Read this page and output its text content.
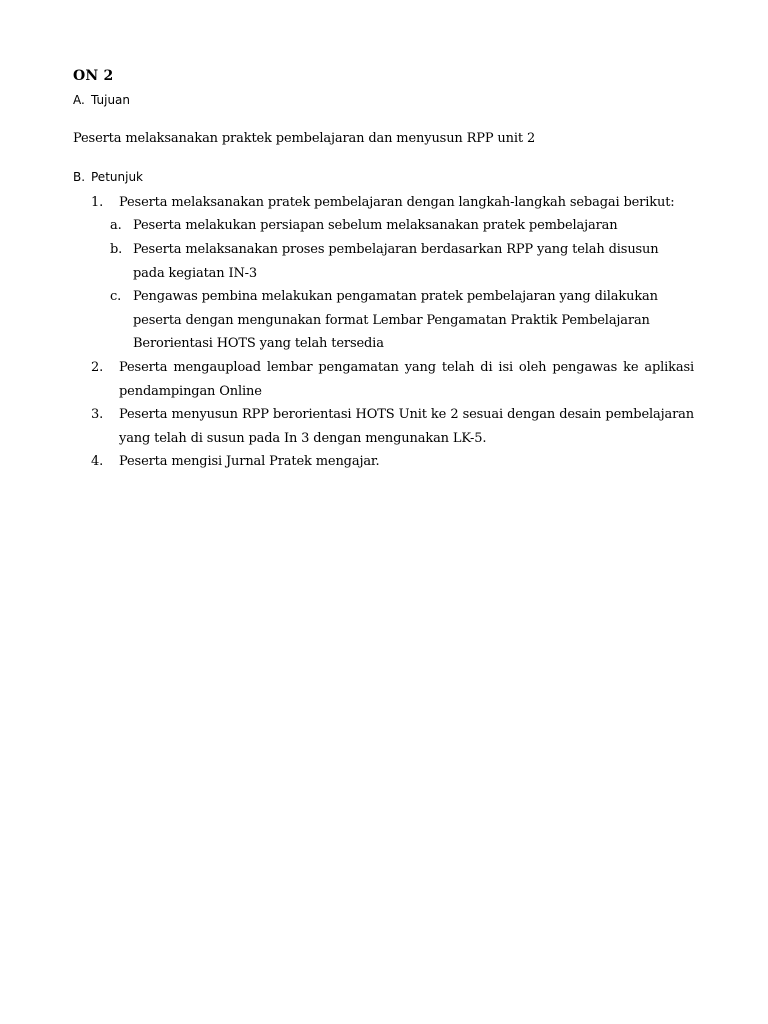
ON 2
A. Tujuan
Peserta melaksanakan praktek pembelajaran dan menyusun RPP unit 2
B. Petunjuk
1. Peserta melaksanakan pratek pembelajaran dengan langkah-langkah sebagai berikut:
a. Peserta melakukan persiapan sebelum melaksanakan pratek pembelajaran
b. Peserta melaksanakan proses pembelajaran berdasarkan RPP yang telah disusun pada kegiatan IN-3
c. Pengawas pembina melakukan pengamatan pratek pembelajaran yang dilakukan peserta dengan mengunakan format Lembar Pengamatan Praktik Pembelajaran Berorientasi HOTS yang telah tersedia
2. Peserta mengaupload lembar pengamatan yang telah di isi oleh pengawas ke aplikasi pendampingan Online
3. Peserta menyusun RPP berorientasi HOTS Unit ke 2 sesuai dengan desain pembelajaran yang telah di susun pada In 3 dengan mengunakan LK-5.
4. Peserta mengisi Jurnal Pratek mengajar.
